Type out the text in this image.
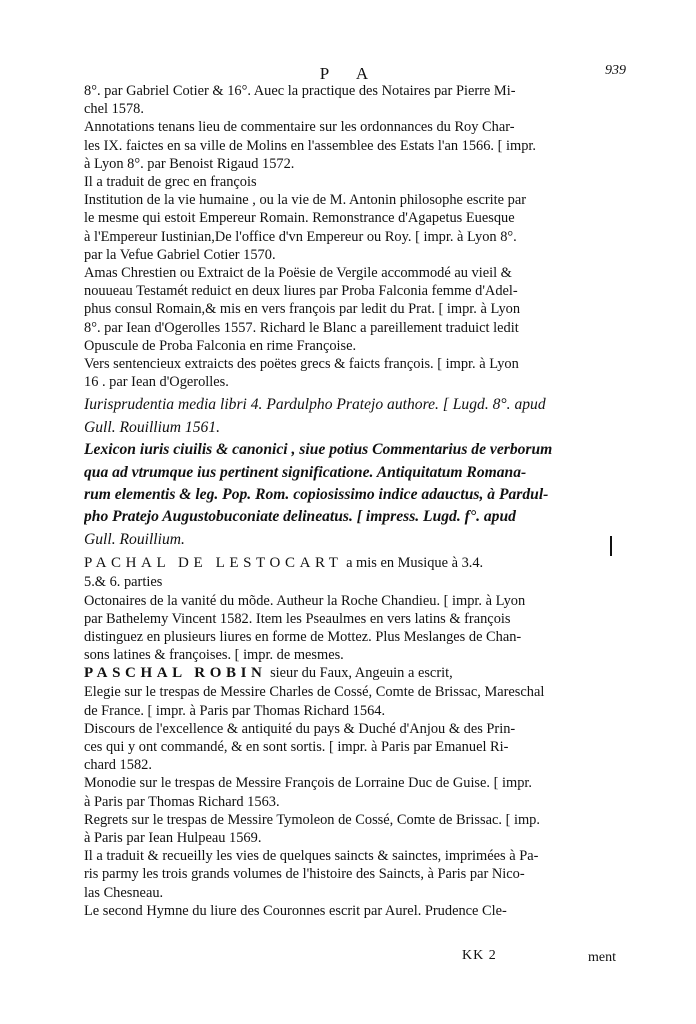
P A	939
8°. par Gabriel Cotier & 16°. Auec la practique des Notaires par Pierre Mi-
chel 1578.
Annotations tenans lieu de commentaire sur les ordonnances du Roy Char-
les IX. faictes en sa ville de Molins en l'assemblee des Estats l'an 1566. [ impr.
à Lyon 8°. par Benoist Rigaud 1572.
Il a traduit de grec en françois
Institution de la vie humaine , ou la vie de M. Antonin philosophe escrite par
le mesme qui estoit Empereur Romain. Remonstrance d'Agapetus Euesque
à l'Empereur Iustinian,De l'office d'vn Empereur ou Roy. [ impr. à Lyon 8°.
par la Vefue Gabriel Cotier 1570.
Amas Chrestien ou Extraict de la Poësie de Vergile accommodé au vieil &
nouueau Testamét reduict en deux liures par Proba Falconia femme d'Adel-
phus consul Romain,& mis en vers françois par ledit du Prat. [ impr. à Lyon
8°. par Iean d'Ogerolles 1557. Richard le Blanc a pareillement traduict ledit
Opuscule de Proba Falconia en rime Françoise.
Vers sentencieux extraicts des poëtes grecs & faicts françois. [ impr. à Lyon
16 . par Iean d'Ogerolles.
Iurisprudentia media libri 4. Pardulpho Pratejo authore. [ Lugd. 8°. apud
Gull. Rouillium 1561.
Lexicon iuris ciuilis & canonici , siue potius Commentarius de verborum
qua ad vtrumque ius pertinent significatione. Antiquitatum Romana-
rum elementis & leg. Pop. Rom. copiosissimo indice adauctus, à Pardul-
pho Pratejo Augustobuconiate delineatus. [ impress. Lugd. f°. apud
Gull. Rouillium.
PACHAL DE LESTOCART a mis en Musique à 3.4.
5.& 6. parties
Octonaires de la vanité du mõde. Autheur la Roche Chandieu. [ impr. à Lyon
par Bathelemy Vincent 1582. Item les Pseaulmes en vers latins & françois
distinguez en plusieurs liures en forme de Mottez. Plus Meslanges de Chan-
sons latines & françoises. [ impr. de mesmes.
PASCHAL ROBIN sieur du Faux, Angeuin a escrit,
Elegie sur le trespas de Messire Charles de Cossé, Comte de Brissac, Mareschal
de France. [ impr. à Paris par Thomas Richard 1564.
Discours de l'excellence & antiquité du pays & Duché d'Anjou & des Prin-
ces qui y ont commandé, & en sont sortis. [ impr. à Paris par Emanuel Ri-
chard 1582.
Monodie sur le trespas de Messire François de Lorraine Duc de Guise. [ impr.
à Paris par Thomas Richard 1563.
Regrets sur le trespas de Messire Tymoleon de Cossé, Comte de Brissac. [ imp.
à Paris par Iean Hulpeau 1569.
Il a traduit & recueilly les vies de quelques saincts & sainctes, imprimées à Pa-
ris parmy les trois grands volumes de l'histoire des Saincts, à Paris par Nico-
las Chesneau.
Le second Hymne du liure des Couronnes escrit par Aurel. Prudence Cle-
KK 2	ment
